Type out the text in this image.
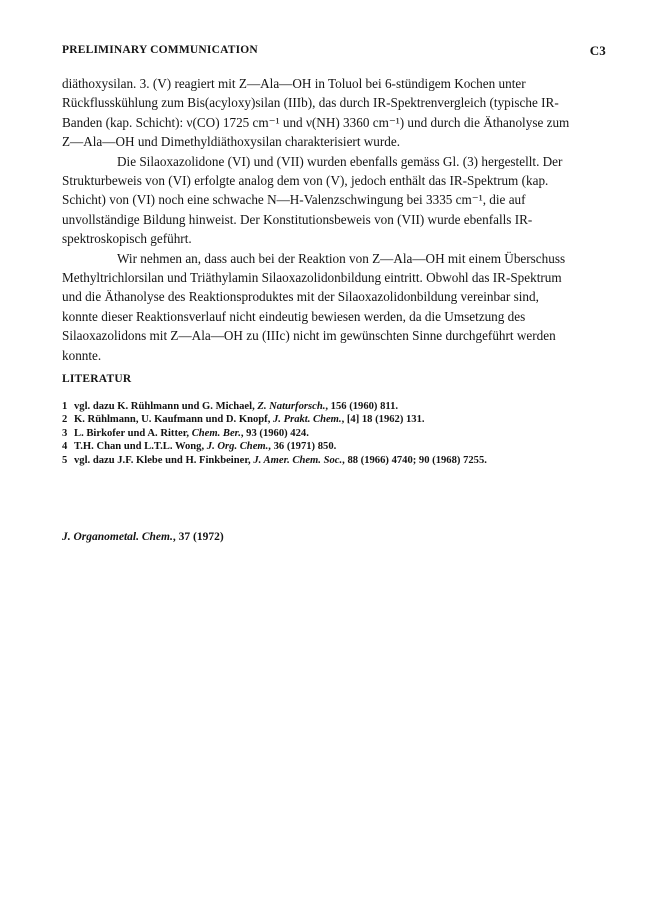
PRELIMINARY COMMUNICATION	C3

diäthoxysilan. 3. (V) reagiert mit Z—Ala—OH in Toluol bei 6-stündigem Kochen unter Rückflusskühlung zum Bis(acyloxy)silan (IIIb), das durch IR-Spektrenvergleich (typische IR-Banden (kap. Schicht): ν(CO) 1725 cm⁻¹ und ν(NH) 3360 cm⁻¹) und durch die Äthanolyse zum Z—Ala—OH und Dimethyldiäthoxysilan charakterisiert wurde.

Die Silaoxazolidone (VI) und (VII) wurden ebenfalls gemäss Gl. (3) hergestellt. Der Strukturbeweis von (VI) erfolgte analog dem von (V), jedoch enthält das IR-Spektrum (kap. Schicht) von (VI) noch eine schwache N—H-Valenzschwingung bei 3335 cm⁻¹, die auf unvollständige Bildung hinweist. Der Konstitutionsbeweis von (VII) wurde ebenfalls IR-spektroskopisch geführt.

Wir nehmen an, dass auch bei der Reaktion von Z—Ala—OH mit einem Überschuss Methyltrichlorsilan und Triäthylamin Silaoxazolidonbildung eintritt. Obwohl das IR-Spektrum und die Äthanolyse des Reaktionsproduktes mit der Silaoxazolidonbildung vereinbar sind, konnte dieser Reaktionsverlauf nicht eindeutig bewiesen werden, da die Umsetzung des Silaoxazolidons mit Z—Ala—OH zu (IIIc) nicht im gewünschten Sinne durchgeführt werden konnte.

LITERATUR
1 vgl. dazu K. Rühlmann und G. Michael, Z. Naturforsch., 156 (1960) 811.
2 K. Rühlmann, U. Kaufmann und D. Knopf, J. Prakt. Chem., [4] 18 (1962) 131.
3 L. Birkofer und A. Ritter, Chem. Ber., 93 (1960) 424.
4 T.H. Chan und L.T.L. Wong, J. Org. Chem., 36 (1971) 850.
5 vgl. dazu J.F. Klebe und H. Finkbeiner, J. Amer. Chem. Soc., 88 (1966) 4740; 90 (1968) 7255.
J. Organometal. Chem., 37 (1972)
